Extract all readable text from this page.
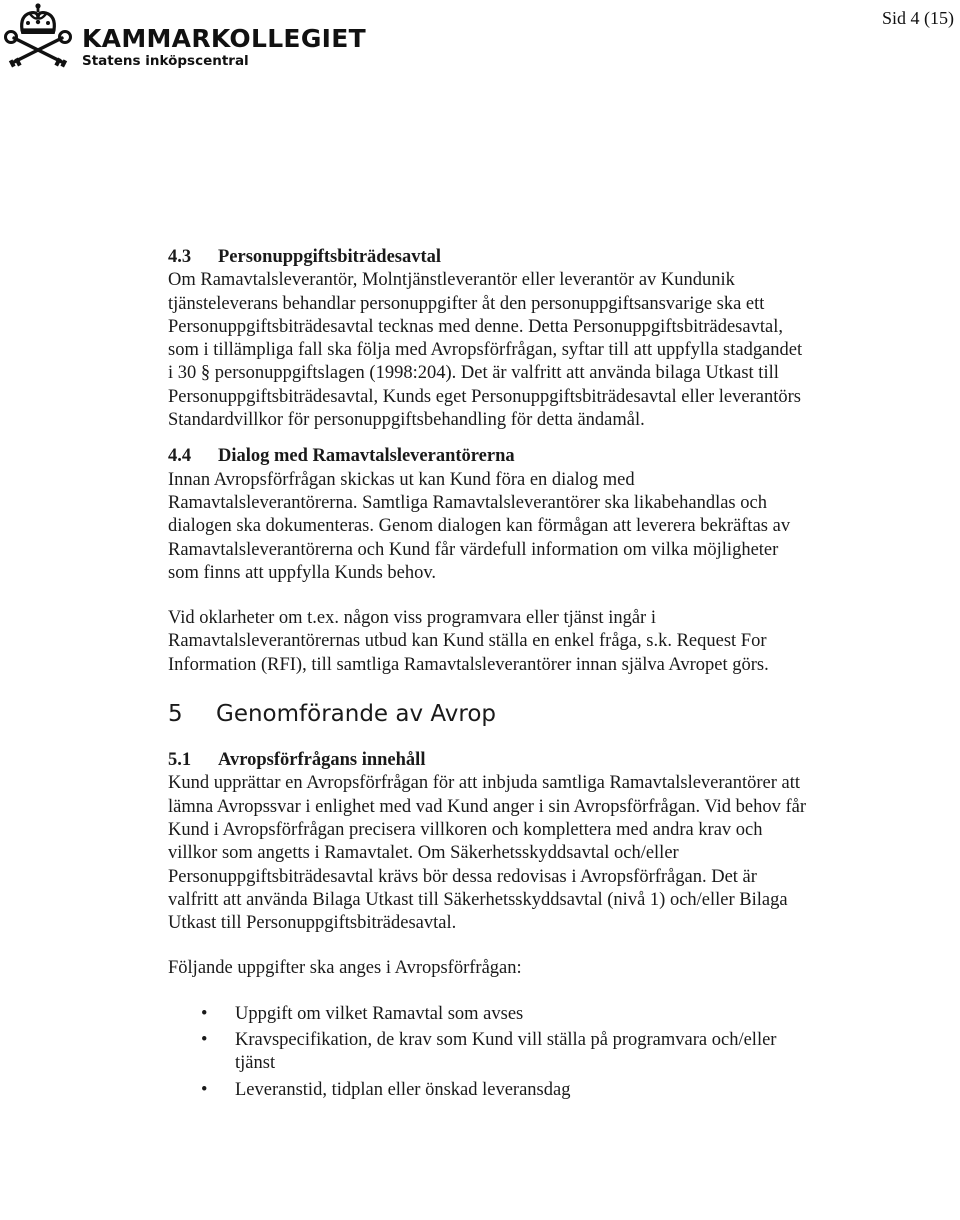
KAMMARKOLLEGIET
Statens inköpscentral
Sid 4 (15)
4.3	Personuppgiftsbiträdesavtal

Om Ramavtalsleverantör, Molntjänstleverantör eller leverantör av Kundunik tjänsteleverans behandlar personuppgifter åt den personuppgiftsansvarige ska ett Personuppgiftsbiträdesavtal tecknas med denne. Detta Personuppgiftsbiträdesavtal, som i tillämpliga fall ska följa med Avropsförfrågan, syftar till att uppfylla stadgandet i 30 § personuppgiftslagen (1998:204). Det är valfritt att använda bilaga Utkast till Personuppgiftsbiträdesavtal, Kunds eget Personuppgiftsbiträdesavtal eller leverantörs Standardvillkor för personuppgiftsbehandling för detta ändamål.

4.4	Dialog med Ramavtalsleverantörerna

Innan Avropsförfrågan skickas ut kan Kund föra en dialog med Ramavtalsleverantörerna. Samtliga Ramavtalsleverantörer ska likabehandlas och dialogen ska dokumenteras. Genom dialogen kan förmågan att leverera bekräftas av Ramavtalsleverantörerna och Kund får värdefull information om vilka möjligheter som finns att uppfylla Kunds behov.

Vid oklarheter om t.ex. någon viss programvara eller tjänst ingår i Ramavtalsleverantörernas utbud kan Kund ställa en enkel fråga, s.k. Request For Information (RFI), till samtliga Ramavtalsleverantörer innan själva Avropet görs.

5	Genomförande av Avrop
5.1	Avropsförfrågans innehåll

Kund upprättar en Avropsförfrågan för att inbjuda samtliga Ramavtalsleverantörer att lämna Avropssvar i enlighet med vad Kund anger i sin Avropsförfrågan. Vid behov får Kund i Avropsförfrågan precisera villkoren och komplettera med andra krav och villkor som angetts i Ramavtalet. Om Säkerhetsskyddsavtal och/eller Personuppgiftsbiträdesavtal krävs bör dessa redovisas i Avropsförfrågan. Det är valfritt att använda Bilaga Utkast till Säkerhetsskyddsavtal (nivå 1) och/eller Bilaga Utkast till Personuppgiftsbiträdesavtal.

Följande uppgifter ska anges i Avropsförfrågan:

• Uppgift om vilket Ramavtal som avses
• Kravspecifikation, de krav som Kund vill ställa på programvara och/eller tjänst
• Leveranstid, tidplan eller önskad leveransdag
